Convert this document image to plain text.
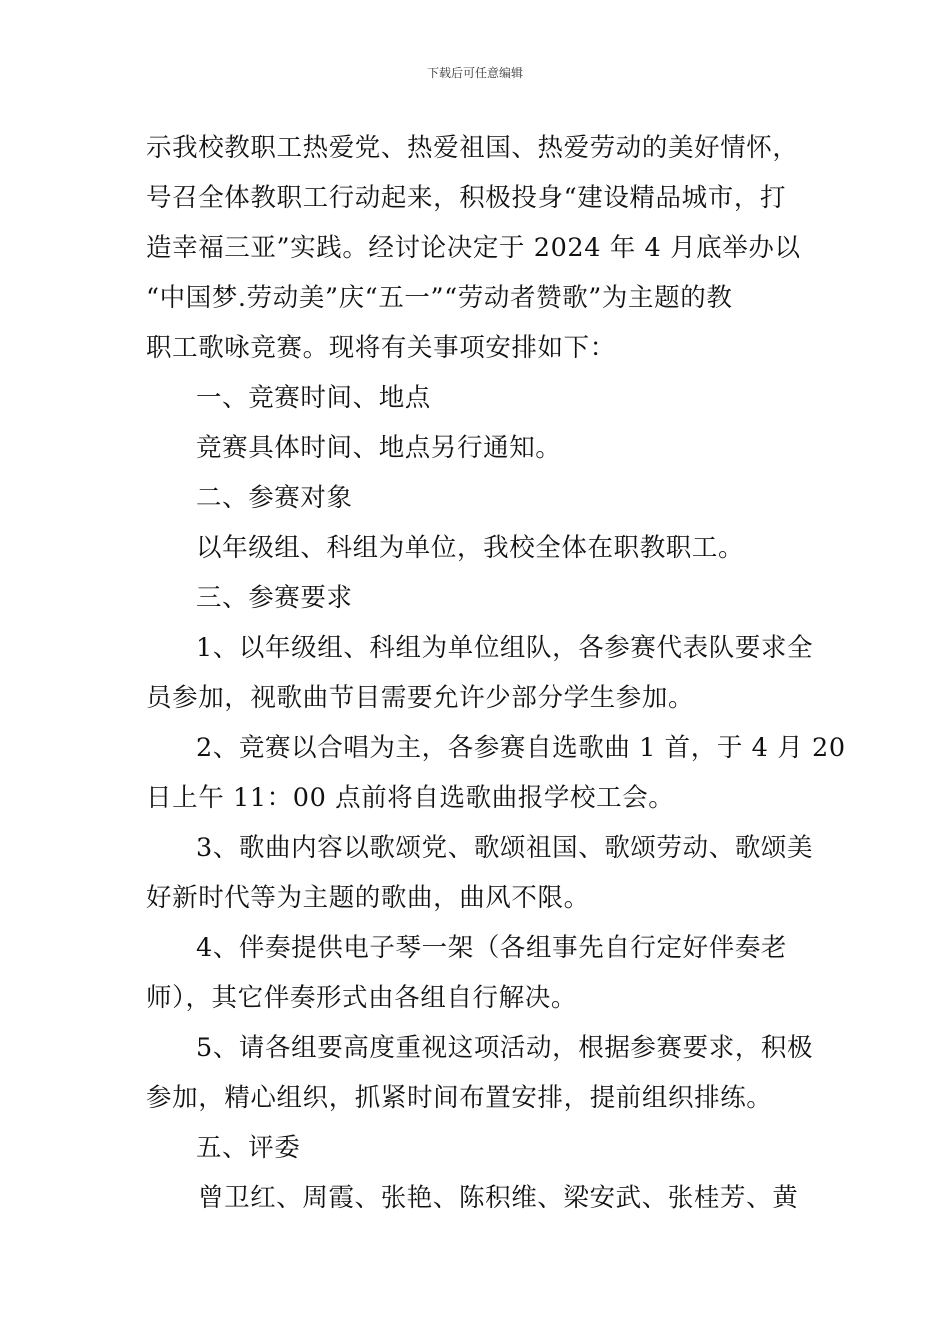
下载后可任意编辑
示我校教职工热爱党、热爱祖国、热爱劳动的美好情怀，
号召全体教职工行动起来，积极投身“建设精品城市，打
造幸福三亚”实践。经讨论决定于 2024 年 4 月底举办以
“中国梦.劳动美”庆“五一”“劳动者赞歌”为主题的教
职工歌咏竞赛。现将有关事项安排如下：
一、竞赛时间、地点
竞赛具体时间、地点另行通知。
二、参赛对象
以年级组、科组为单位，我校全体在职教职工。
三、参赛要求
1、以年级组、科组为单位组队，各参赛代表队要求全
员参加，视歌曲节目需要允许少部分学生参加。
2、竞赛以合唱为主，各参赛自选歌曲 1 首，于 4 月 20
日上午 11：00 点前将自选歌曲报学校工会。
3、歌曲内容以歌颂党、歌颂祖国、歌颂劳动、歌颂美
好新时代等为主题的歌曲，曲风不限。
4、伴奏提供电子琴一架（各组事先自行定好伴奏老
师），其它伴奏形式由各组自行解决。
5、请各组要高度重视这项活动，根据参赛要求，积极
参加，精心组织，抓紧时间布置安排，提前组织排练。
五、评委
曾卫红、周霞、张艳、陈积维、梁安武、张桂芳、黄
